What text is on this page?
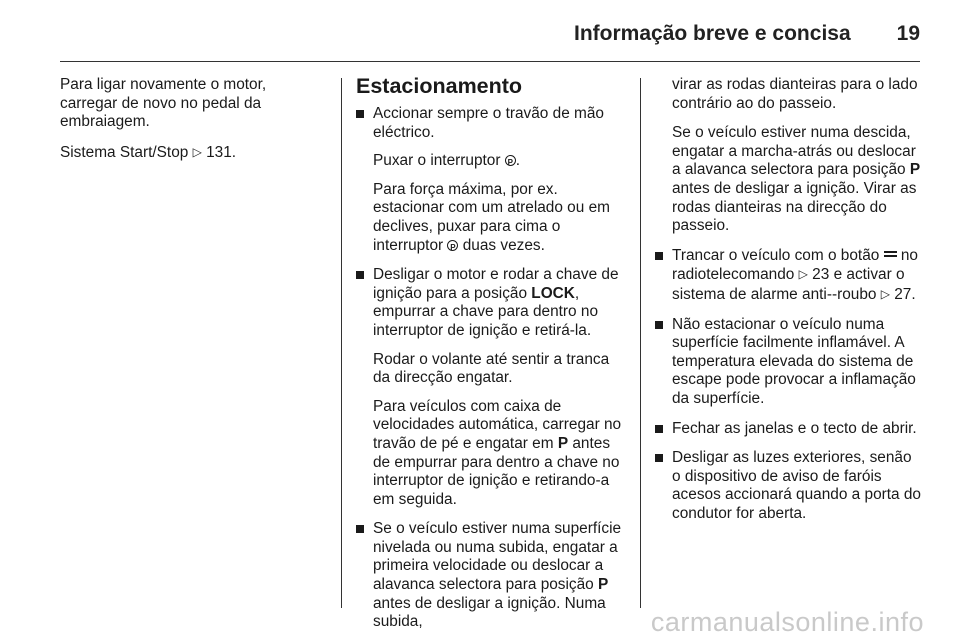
Informação breve e concisa 19

Para ligar novamente o motor, carregar de novo no pedal da embraiagem.

Sistema Start/Stop ▷ 131.

Estacionamento

Accionar sempre o travão de mão eléctrico.

Puxar o interruptor P .

Para força máxima, por ex. estacionar com um atrelado ou em declives, puxar para cima o interruptor P duas vezes.

Desligar o motor e rodar a chave de ignição para a posição LOCK, empurrar a chave para dentro no interruptor de ignição e retirá-la.

Rodar o volante até sentir a tranca da direcção engatar.

Para veículos com caixa de velocidades automática, carregar no travão de pé e engatar em P antes de empurrar para dentro a chave no interruptor de ignição e retirando-a em seguida.

Se o veículo estiver numa superfície nivelada ou numa subida, engatar a primeira velocidade ou deslocar a alavanca selectora para posição P antes de desligar a ignição. Numa subida,

virar as rodas dianteiras para o lado contrário ao do passeio.

Se o veículo estiver numa descida, engatar a marcha-atrás ou deslocar a alavanca selectora para posição P antes de desligar a ignição. Virar as rodas dianteiras na direcção do passeio.

Trancar o veículo com o botão no radiotelecomando ▷ 23 e activar o sistema de alarme anti--roubo ▷ 27.

Não estacionar o veículo numa superfície facilmente inflamável. A temperatura elevada do sistema de escape pode provocar a inflamação da superfície.

Fechar as janelas e o tecto de abrir.

Desligar as luzes exteriores, senão o dispositivo de aviso de faróis acesos accionará quando a porta do condutor for aberta.

carmanualsonline.info
